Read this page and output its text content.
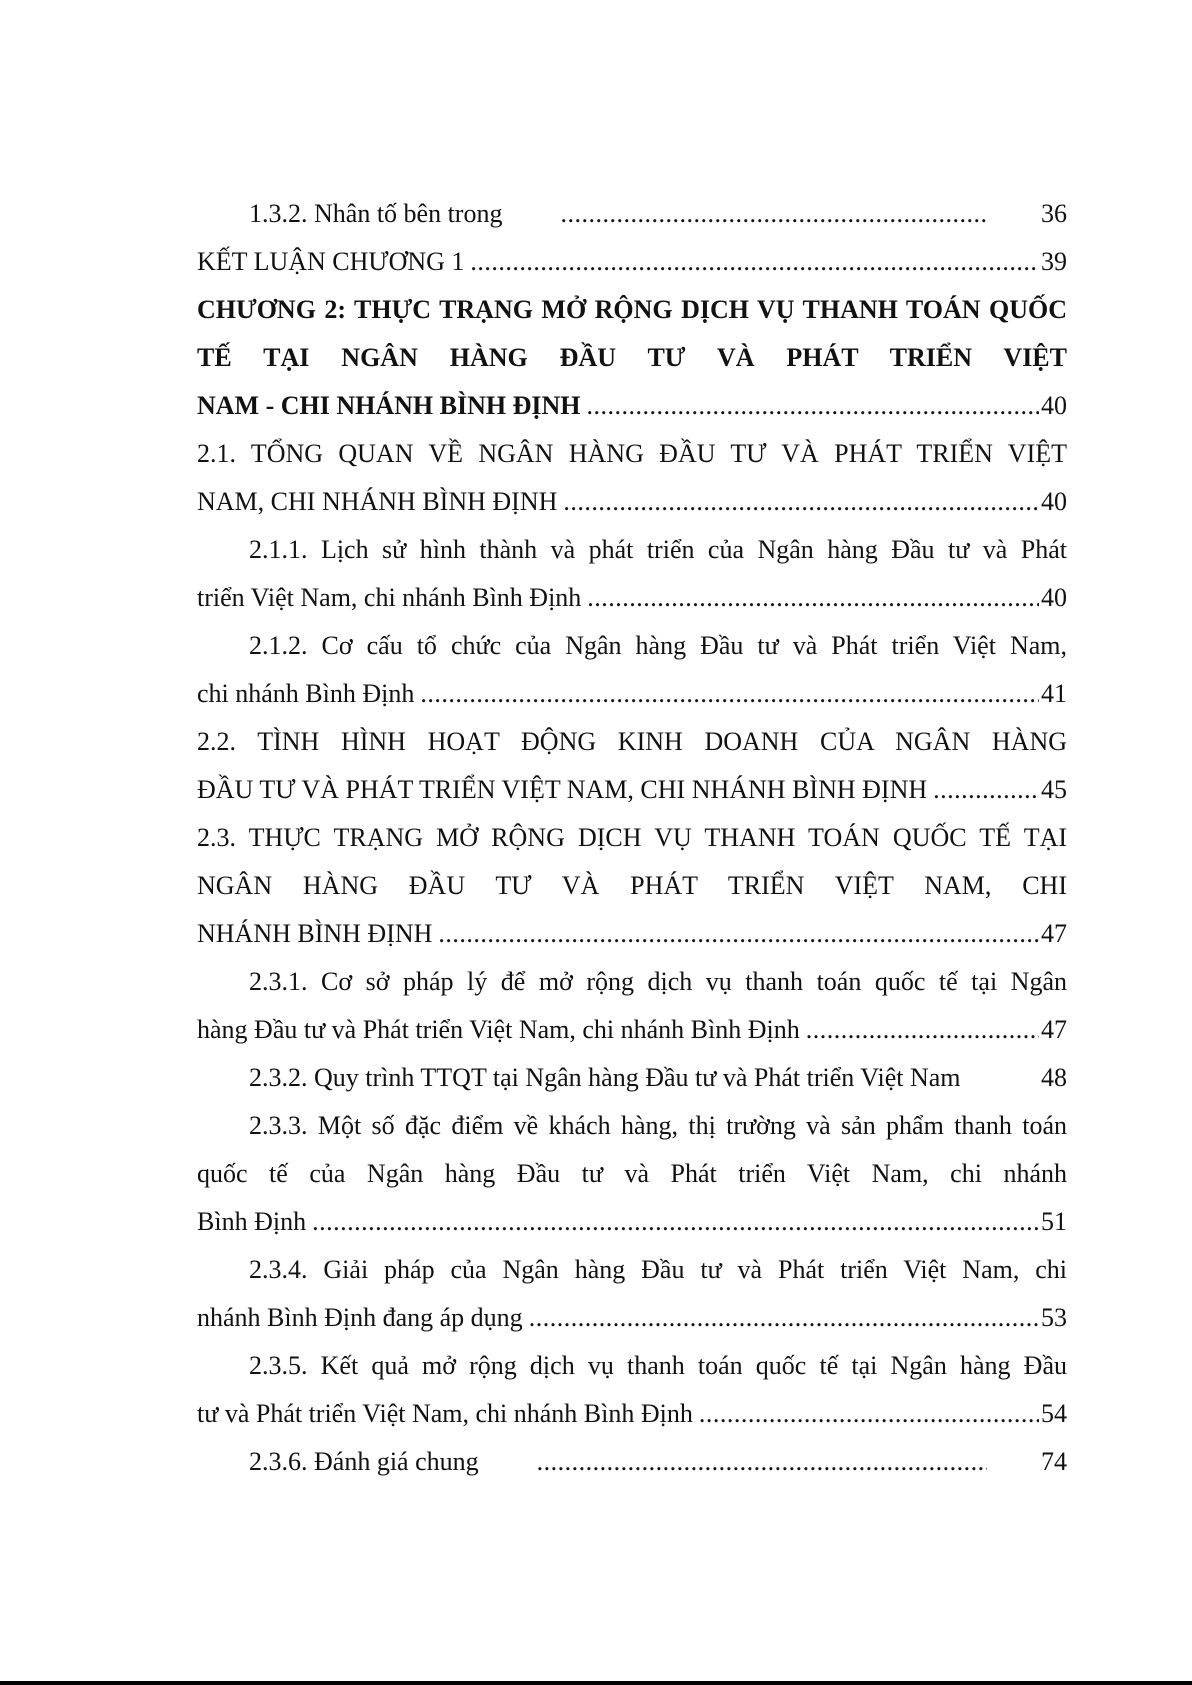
1.3.2. Nhân tố bên trong .....	36
KẾT LUẬN CHƯƠNG 1 .....	39
CHƯƠNG 2: THỰC TRẠNG MỞ RỘNG DỊCH VỤ THANH TOÁN QUỐC TẾ TẠI NGÂN HÀNG ĐẦU TƯ VÀ PHÁT TRIỂN VIỆT
NAM - CHI NHÁNH BÌNH ĐỊNH .....	40
2.1. TỔNG QUAN VỀ NGÂN HÀNG ĐẦU TƯ VÀ PHÁT TRIỂN VIỆT
NAM, CHI NHÁNH BÌNH ĐỊNH .....	40
2.1.1. Lịch sử hình thành và phát triển của Ngân hàng Đầu tư và Phát
triển Việt Nam, chi nhánh Bình Định .....	40
2.1.2. Cơ cấu tổ chức của Ngân hàng Đầu tư và Phát triển Việt Nam,
chi nhánh Bình Định .....	41
2.2. TÌNH HÌNH HOẠT ĐỘNG KINH DOANH CỦA NGÂN HÀNG
ĐẦU TƯ VÀ PHÁT TRIỂN VIỆT NAM, CHI NHÁNH BÌNH ĐỊNH .....	45
2.3. THỰC TRẠNG MỞ RỘNG DỊCH VỤ THANH TOÁN QUỐC TẾ TẠI NGÂN HÀNG ĐẦU TƯ VÀ PHÁT TRIỂN VIỆT NAM, CHI
NHÁNH BÌNH ĐỊNH .....	47
2.3.1. Cơ sở pháp lý để mở rộng dịch vụ thanh toán quốc tế tại Ngân
hàng Đầu tư và Phát triển Việt Nam, chi nhánh Bình Định .....	47
2.3.2. Quy trình TTQT tại Ngân hàng Đầu tư và Phát triển Việt Nam .....	48
2.3.3. Một số đặc điểm về khách hàng, thị trường và sản phẩm thanh toán quốc tế của Ngân hàng Đầu tư và Phát triển Việt Nam, chi nhánh
Bình Định .....	51
2.3.4. Giải pháp của Ngân hàng Đầu tư và Phát triển Việt Nam, chi
nhánh Bình Định đang áp dụng .....	53
2.3.5. Kết quả mở rộng dịch vụ thanh toán quốc tế tại Ngân hàng Đầu
tư và Phát triển Việt Nam, chi nhánh Bình Định .....	54
2.3.6. Đánh giá chung .....	74
